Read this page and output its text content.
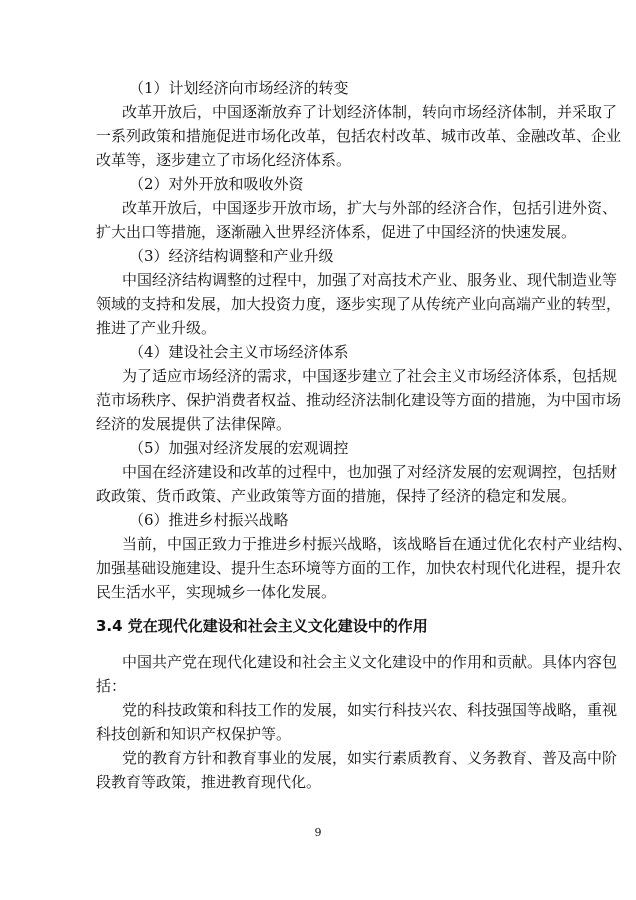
（1）计划经济向市场经济的转变
改革开放后，中国逐渐放弃了计划经济体制，转向市场经济体制，并采取了
一系列政策和措施促进市场化改革，包括农村改革、城市改革、金融改革、企业
改革等，逐步建立了市场化经济体系。
（2）对外开放和吸收外资
改革开放后，中国逐步开放市场，扩大与外部的经济合作，包括引进外资、
扩大出口等措施，逐渐融入世界经济体系，促进了中国经济的快速发展。
（3）经济结构调整和产业升级
中国经济结构调整的过程中，加强了对高技术产业、服务业、现代制造业等
领域的支持和发展，加大投资力度，逐步实现了从传统产业向高端产业的转型，
推进了产业升级。
（4）建设社会主义市场经济体系
为了适应市场经济的需求，中国逐步建立了社会主义市场经济体系，包括规
范市场秩序、保护消费者权益、推动经济法制化建设等方面的措施，为中国市场
经济的发展提供了法律保障。
（5）加强对经济发展的宏观调控
中国在经济建设和改革的过程中，也加强了对经济发展的宏观调控，包括财
政政策、货币政策、产业政策等方面的措施，保持了经济的稳定和发展。
（6）推进乡村振兴战略
当前，中国正致力于推进乡村振兴战略，该战略旨在通过优化农村产业结构、
加强基础设施建设、提升生态环境等方面的工作，加快农村现代化进程，提升农
民生活水平，实现城乡一体化发展。
3.4 党在现代化建设和社会主义文化建设中的作用
中国共产党在现代化建设和社会主义文化建设中的作用和贡献。具体内容包
括：
党的科技政策和科技工作的发展，如实行科技兴农、科技强国等战略，重视
科技创新和知识产权保护等。
党的教育方针和教育事业的发展，如实行素质教育、义务教育、普及高中阶
段教育等政策，推进教育现代化。
9
